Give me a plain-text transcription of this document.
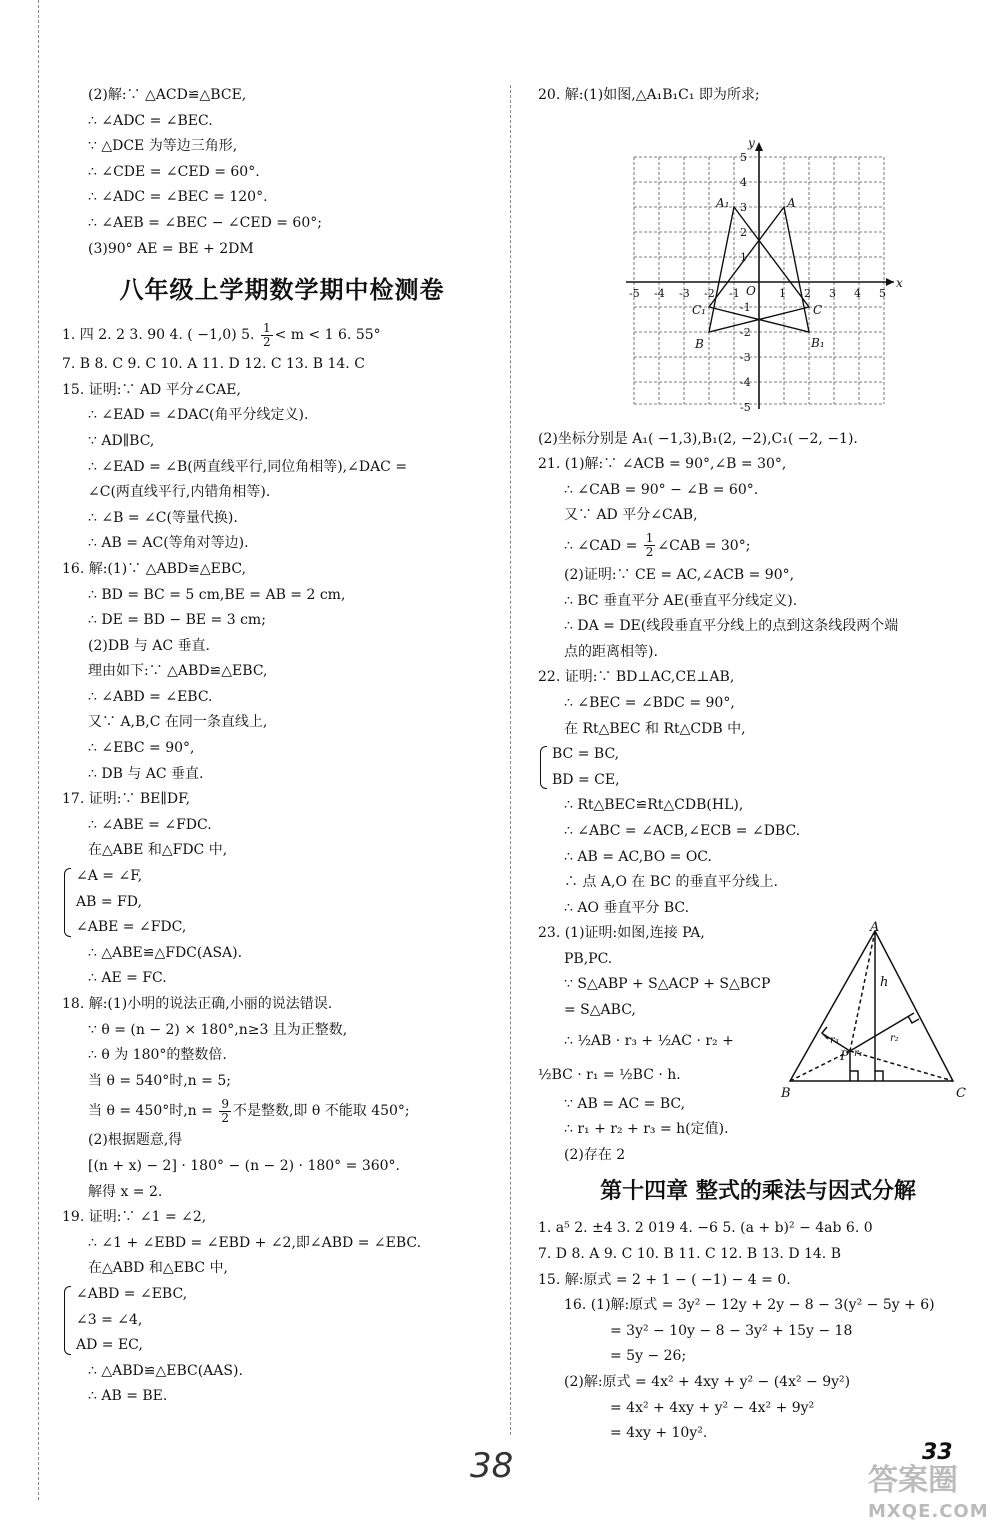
(2)解:∵ △ACD≌△BCE,
∴ ∠ADC = ∠BEC.
∵ △DCE 为等边三角形,
∴ ∠CDE = ∠CED = 60°.
∴ ∠ADC = ∠BEC = 120°.
∴ ∠AEB = ∠BEC − ∠CED = 60°;
(3)90° AE = BE + 2DM
八年级上学期数学期中检测卷
1. 四 2. 2 3. 90 4. ( −1,0) 5. $\frac{1}{2} < m < 1$ 6. 55°
7. B 8. C 9. C 10. A 11. D 12. C 13. B 14. C
15. 证明:∵ AD 平分∠CAE,
∴ ∠EAD = ∠DAC(角平分线定义).
∵ AD∥BC,
∴ ∠EAD = ∠B(两直线平行,同位角相等),∠DAC =
∠C(两直线平行,内错角相等).
∴ ∠B = ∠C(等量代换).
∴ AB = AC(等角对等边).
16. 解:(1)∵ △ABD≌△EBC,
∴ BD = BC = 5 cm,BE = AB = 2 cm,
∴ DE = BD − BE = 3 cm;
(2)DB 与 AC 垂直.
理由如下:∵ △ABD≌△EBC,
∴ ∠ABD = ∠EBC.
又∵ A,B,C 在同一条直线上,
∴ ∠EBC = 90°,
∴ DB 与 AC 垂直.
17. 证明:∵ BE∥DF,
∴ ∠ABE = ∠FDC.
在△ABE 和△FDC 中,
∠A = ∠F,
AB = FD,
∠ABE = ∠FDC,
∴ △ABE≌△FDC(ASA).
∴ AE = FC.
18. 解:(1)小明的说法正确,小丽的说法错误.
∵ θ = (n − 2) × 180°,n≥3 且为正整数,
∴ θ 为 180°的整数倍.
当 θ = 540°时,n = 5;
当 θ = 450°时$,n = \frac{9}{2}$ 不是整数,即 θ 不能取 450°;
(2)根据题意,得
[(n + x) − 2] · 180° − (n − 2) · 180° = 360°.
解得 x = 2.
19. 证明:∵ ∠1 = ∠2,
∴ ∠1 + ∠EBD = ∠EBD + ∠2,即∠ABD = ∠EBC.
在△ABD 和△EBC 中,
∠ABD = ∠EBC,
∠3 = ∠4,
AD = EC,
∴ △ABD≌△EBC(AAS).
∴ AB = BE.
20. 解:(1)如图,△A₁B₁C₁ 即为所求;
x
y
O
A
A₁
B	B₁
C
C₁
-5
-5
-4
-4
-3
-3
-2
-2
-1
-1
1
1
2
2
3
3
4
4
5
5
(2)坐标分别是 A₁( −1,3),B₁(2, −2),C₁( −2, −1).
21. (1)解:∵ ∠ACB = 90°,∠B = 30°,
∴ ∠CAB = 90° − ∠B = 60°.
又∵ AD 平分∠CAB,
∴ ∠CAD = $\frac{1}{2}$ ∠CAB = 30°;
(2)证明:∵ CE = AC,∠ACB = 90°,
∴ BC 垂直平分 AE(垂直平分线定义).
∴ DA = DE(线段垂直平分线上的点到这条线段两个端
点的距离相等).
22. 证明:∵ BD⊥AC,CE⊥AB,
∴ ∠BEC = ∠BDC = 90°,
在 Rt△BEC 和 Rt△CDB 中,
BC = BC,
BD = CE,
∴ Rt△BEC≌Rt△CDB(HL),
∴ ∠ABC = ∠ACB,∠ECB = ∠DBC.
∴ AB = AC,BO = OC.
∴ 点 A,O 在 BC 的垂直平分线上.
∴ AO 垂直平分 BC.
23. (1)证明:如图,连接 PA,
PB,PC.
∵ S△ABP + S△ACP + S△BCP
= S△ABC,
∴ ½AB · r₃ + ½AC · r₂ +
½BC · r₁ = ½BC · h.
A
B	C
P
h
r₁
r₂
r₃
∵ AB = AC = BC,
∴ r₁ + r₂ + r₃ = h(定值).
(2)存在 2
第十四章 整式的乘法与因式分解
1. a⁵ 2. ±4 3. 2 019 4. −6 5. (a + b)² − 4ab 6. 0
7. D 8. A 9. C 10. B 11. C 12. B 13. D 14. B
15. 解:原式 = 2 + 1 − ( −1) − 4 = 0.
16. (1)解:原式 = 3y² − 12y + 2y − 8 − 3(y² − 5y + 6)
= 3y² − 10y − 8 − 3y² + 15y − 18
= 5y − 26;
(2)解:原式 = 4x² + 4xy + y² − (4x² − 9y²)
= 4x² + 4xy + y² − 4x² + 9y²
= 4xy + 10y².
38	33
答案圈
MXQE.COM
